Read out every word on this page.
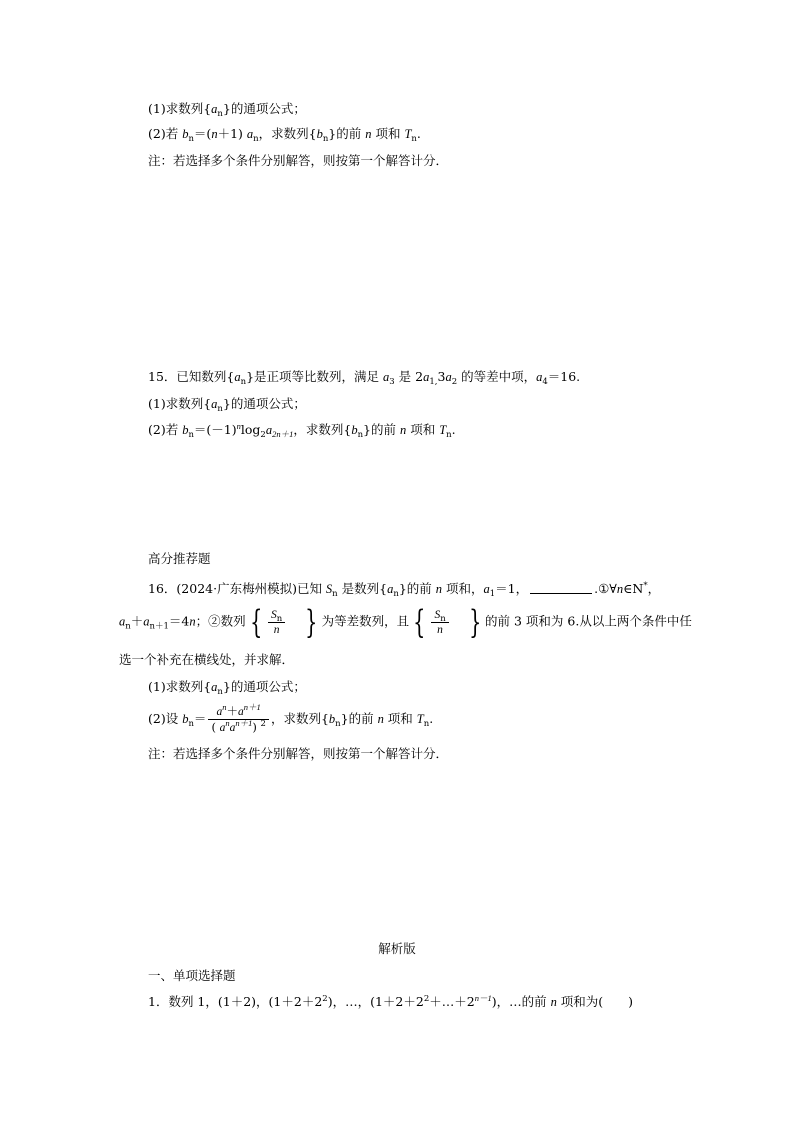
(1)求数列$\{a_n\}$的通项公式；
(2)若 $b_n=(n+1)$ $a_n$，求数列$\{b_n\}$的前 n 项和 $T_n$.
注：若选择多个条件分别解答，则按第一个解答计分．
15．已知数列$\{a_n\}$是正项等比数列，满足 $a_3$ 是 $2a_{1,}3a_2$ 的等差中项，$a_4=16$.
(1)求数列$\{a_n\}$的通项公式；
(2)若 $b_n=(-1)^n\log_2a_{2n+1}$，求数列$\{b_n\}$的前 n 项和 $T_n$.
高分推荐题
16．(2024·广东梅州模拟)已知 $S_n$ 是数列$\{a_n\}$的前 n 项和，$a_1=1$，	.①∀n∈N*，
$a_n+a_{n+1}=4n$；②数列 { $\frac{S_n}{n}$ } 为等差数列，且 { $\frac{S_n}{n}$ } 的前 3 项和为 6.从以上两个条件中任
选一个补充在横线处，并求解．
(1)求数列$\{a_n\}$的通项公式；
(2)设 $b_n= \frac{a^n+a^{n+1}}{( a^na^{n+1}) ^2}$ ，求数列$\{b_n\}$的前 n 项和 $T_n$.
注：若选择多个条件分别解答，则按第一个解答计分．
解析版
一、单项选择题
1．数列 1，(1＋2)，$(1+2+2^2)$，…，$(1+2+2^2+\dots+2^{n-1})$，…的前 n 项和为(　　)
